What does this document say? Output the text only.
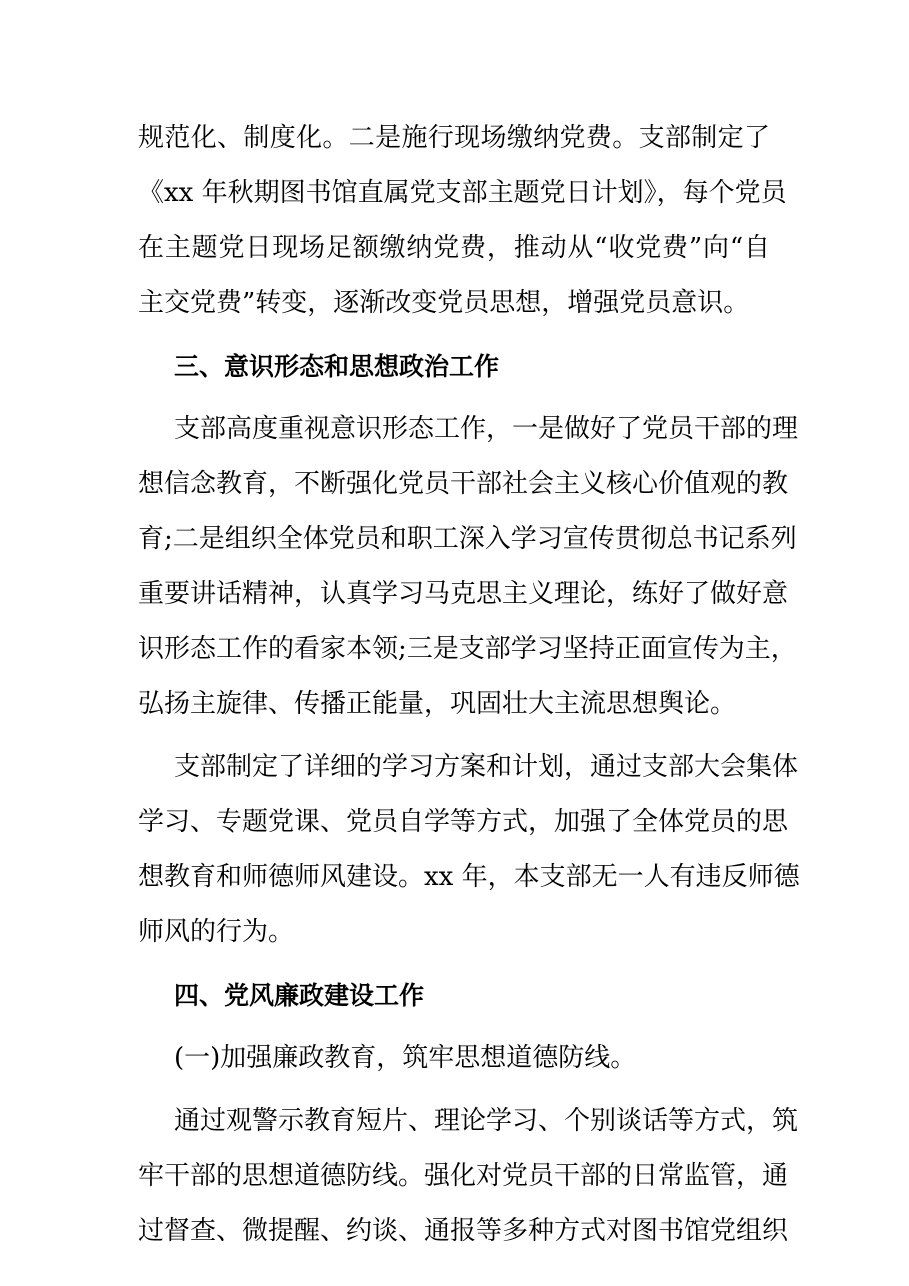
规范化、制度化。二是施行现场缴纳党费。支部制定了
《xx 年秋期图书馆直属党支部主题党日计划》，每个党员
在主题党日现场足额缴纳党费，推动从“收党费”向“自
主交党费”转变，逐渐改变党员思想，增强党员意识。
三、意识形态和思想政治工作
支部高度重视意识形态工作，一是做好了党员干部的理
想信念教育，不断强化党员干部社会主义核心价值观的教
育;二是组织全体党员和职工深入学习宣传贯彻总书记系列
重要讲话精神，认真学习马克思主义理论，练好了做好意
识形态工作的看家本领;三是支部学习坚持正面宣传为主，
弘扬主旋律、传播正能量，巩固壮大主流思想舆论。
支部制定了详细的学习方案和计划，通过支部大会集体
学习、专题党课、党员自学等方式，加强了全体党员的思
想教育和师德师风建设。xx 年，本支部无一人有违反师德
师风的行为。
四、党风廉政建设工作
(一)加强廉政教育，筑牢思想道德防线。
通过观警示教育短片、理论学习、个别谈话等方式，筑
牢干部的思想道德防线。强化对党员干部的日常监管，通
过督查、微提醒、约谈、通报等多种方式对图书馆党组织
